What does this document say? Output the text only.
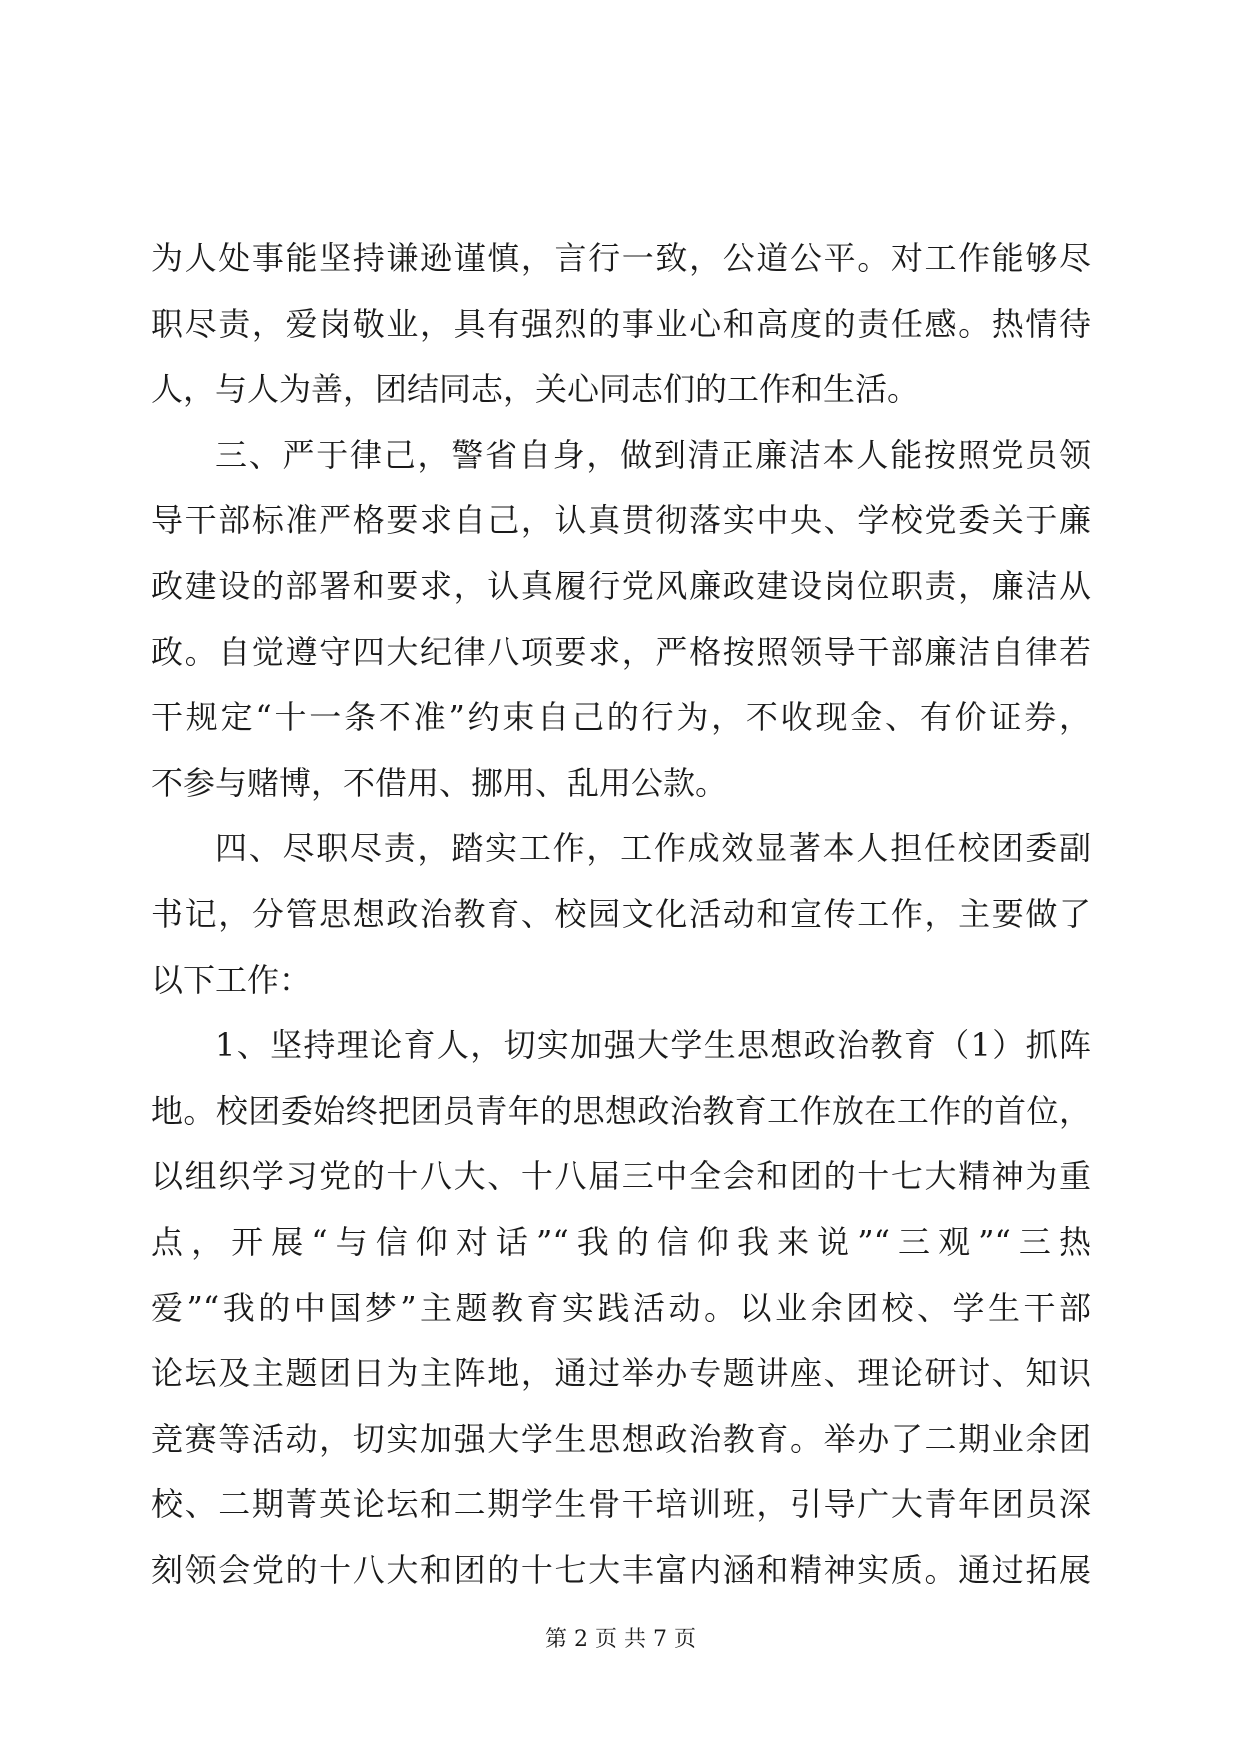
为人处事能坚持谦逊谨慎，言行一致，公道公平。对工作能够尽
职尽责，爱岗敬业，具有强烈的事业心和高度的责任感。热情待
人，与人为善，团结同志，关心同志们的工作和生活。
三、严于律己，警省自身，做到清正廉洁本人能按照党员领
导干部标准严格要求自己，认真贯彻落实中央、学校党委关于廉
政建设的部署和要求，认真履行党风廉政建设岗位职责，廉洁从
政。自觉遵守四大纪律八项要求，严格按照领导干部廉洁自律若
干规定“十一条不准”约束自己的行为，不收现金、有价证券，
不参与赌博，不借用、挪用、乱用公款。
四、尽职尽责，踏实工作，工作成效显著本人担任校团委副
书记，分管思想政治教育、校园文化活动和宣传工作，主要做了
以下工作：
1、坚持理论育人，切实加强大学生思想政治教育（1）抓阵
地。校团委始终把团员青年的思想政治教育工作放在工作的首位，
以组织学习党的十八大、十八届三中全会和团的十七大精神为重
点，开展“与信仰对话”“我的信仰我来说”“三观”“三热
爱”“我的中国梦”主题教育实践活动。以业余团校、学生干部
论坛及主题团日为主阵地，通过举办专题讲座、理论研讨、知识
竞赛等活动，切实加强大学生思想政治教育。举办了二期业余团
校、二期菁英论坛和二期学生骨干培训班，引导广大青年团员深
刻领会党的十八大和团的十七大丰富内涵和精神实质。通过拓展
第 2 页 共 7 页
